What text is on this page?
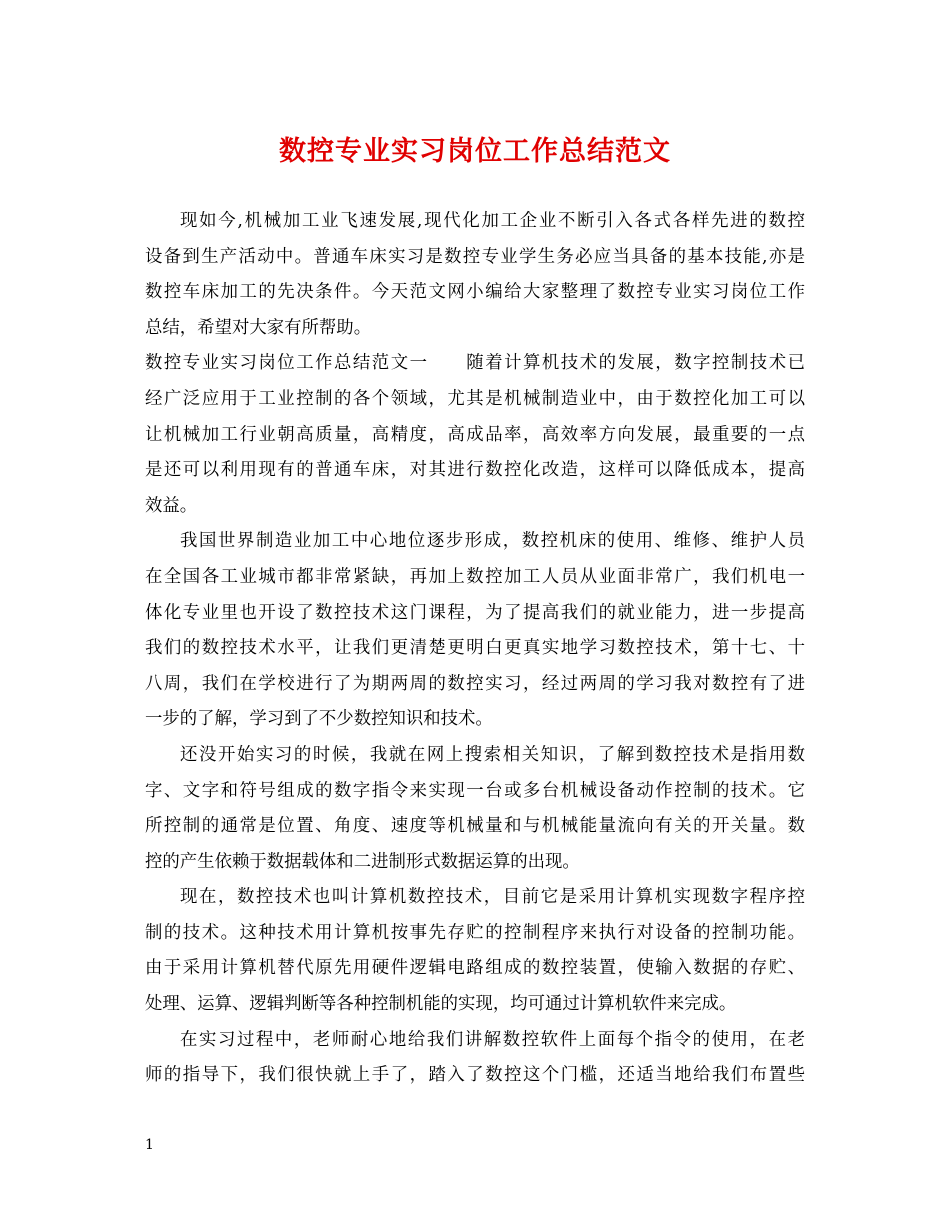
数控专业实习岗位工作总结范文
现如今,机械加工业飞速发展,现代化加工企业不断引入各式各样先进的数控
设备到生产活动中。普通车床实习是数控专业学生务必应当具备的基本技能,亦是
数控车床加工的先决条件。今天范文网小编给大家整理了数控专业实习岗位工作
总结，希望对大家有所帮助。
数控专业实习岗位工作总结范文一　　随着计算机技术的发展，数字控制技术已
经广泛应用于工业控制的各个领域，尤其是机械制造业中，由于数控化加工可以
让机械加工行业朝高质量，高精度，高成品率，高效率方向发展，最重要的一点
是还可以利用现有的普通车床，对其进行数控化改造，这样可以降低成本，提高
效益。
我国世界制造业加工中心地位逐步形成，数控机床的使用、维修、维护人员
在全国各工业城市都非常紧缺，再加上数控加工人员从业面非常广，我们机电一
体化专业里也开设了数控技术这门课程，为了提高我们的就业能力，进一步提高
我们的数控技术水平，让我们更清楚更明白更真实地学习数控技术，第十七、十
八周，我们在学校进行了为期两周的数控实习，经过两周的学习我对数控有了进
一步的了解，学习到了不少数控知识和技术。
还没开始实习的时候，我就在网上搜索相关知识，了解到数控技术是指用数
字、文字和符号组成的数字指令来实现一台或多台机械设备动作控制的技术。它
所控制的通常是位置、角度、速度等机械量和与机械能量流向有关的开关量。数
控的产生依赖于数据载体和二进制形式数据运算的出现。
现在，数控技术也叫计算机数控技术，目前它是采用计算机实现数字程序控
制的技术。这种技术用计算机按事先存贮的控制程序来执行对设备的控制功能。
由于采用计算机替代原先用硬件逻辑电路组成的数控装置，使输入数据的存贮、
处理、运算、逻辑判断等各种控制机能的实现，均可通过计算机软件来完成。
在实习过程中，老师耐心地给我们讲解数控软件上面每个指令的使用，在老
师的指导下，我们很快就上手了，踏入了数控这个门槛，还适当地给我们布置些
1
